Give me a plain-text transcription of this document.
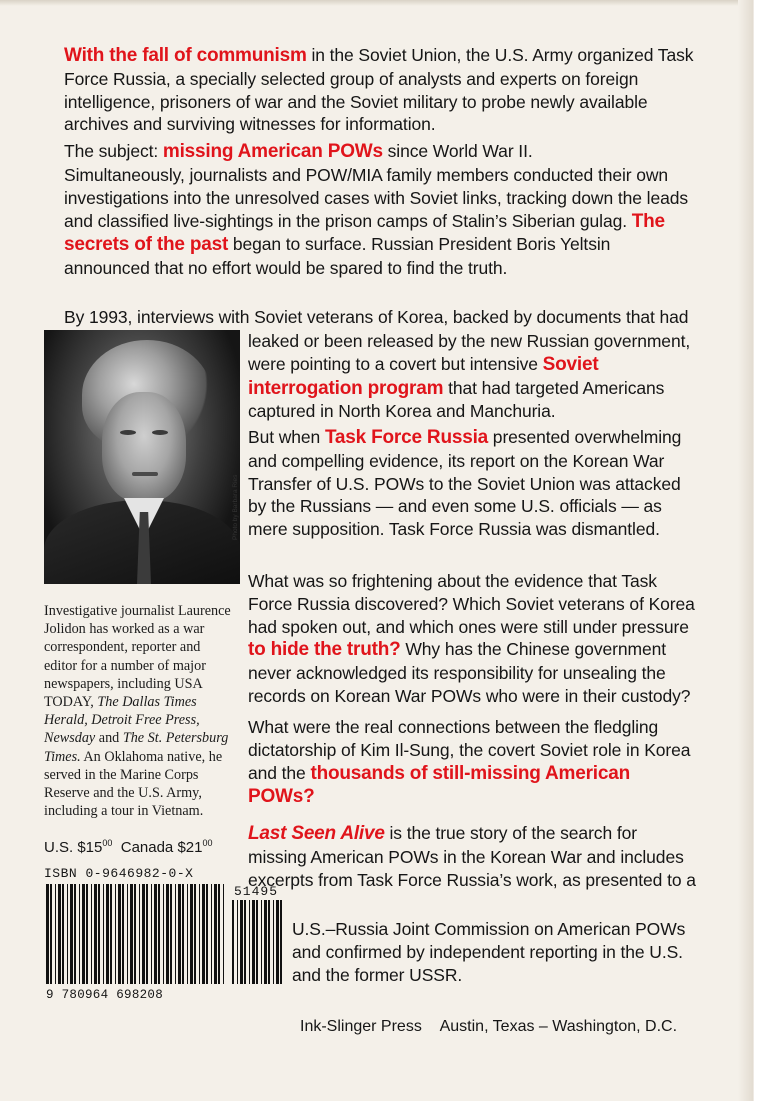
With the fall of communism in the Soviet Union, the U.S. Army organized Task Force Russia, a specially selected group of analysts and experts on foreign intelligence, prisoners of war and the Soviet military to probe newly available archives and surviving witnesses for information.

The subject: missing American POWs since World War II.

Simultaneously, journalists and POW/MIA family members conducted their own investigations into the unresolved cases with Soviet links, tracking down the leads and classified live-sightings in the prison camps of Stalin’s Siberian gulag. The secrets of the past began to surface. Russian President Boris Yeltsin announced that no effort would be spared to find the truth.

By 1993, interviews with Soviet veterans of Korea, backed by documents that had

leaked or been released by the new Russian government, were pointing to a covert but intensive Soviet interrogation program that had targeted Americans captured in North Korea and Manchuria.

But when Task Force Russia presented overwhelming and compelling evidence, its report on the Korean War Transfer of U.S. POWs to the Soviet Union was attacked by the Russians — and even some U.S. officials — as mere supposition. Task Force Russia was dismantled.

What was so frightening about the evidence that Task Force Russia discovered? Which Soviet veterans of Korea had spoken out, and which ones were still under pressure to hide the truth? Why has the Chinese government never acknowledged its responsibility for unsealing the records on Korean War POWs who were in their custody?

What were the real connections between the fledgling dictatorship of Kim Il-Sung, the covert Soviet role in Korea and the thousands of still-missing American POWs?

Last Seen Alive is the true story of the search for missing American POWs in the Korean War and includes excerpts from Task Force Russia’s work, as presented to a

U.S.–Russia Joint Commission on American POWs and confirmed by independent reporting in the U.S. and the former USSR.

Photo by Barbara Ries

Investigative journalist Laurence Jolidon has worked as a war correspondent, reporter and editor for a number of major newspapers, including USA TODAY, The Dallas Times Herald, Detroit Free Press, Newsday and The St. Petersburg Times. An Oklahoma native, he served in the Marine Corps Reserve and the U.S. Army, including a tour in Vietnam.

U.S. $\$15^{00}$ Canada $\$21^{00}$
ISBN 0-9646982-0-X
51495
9 780964 698208
Ink-Slinger Press Austin, Texas – Washington, D.C.
